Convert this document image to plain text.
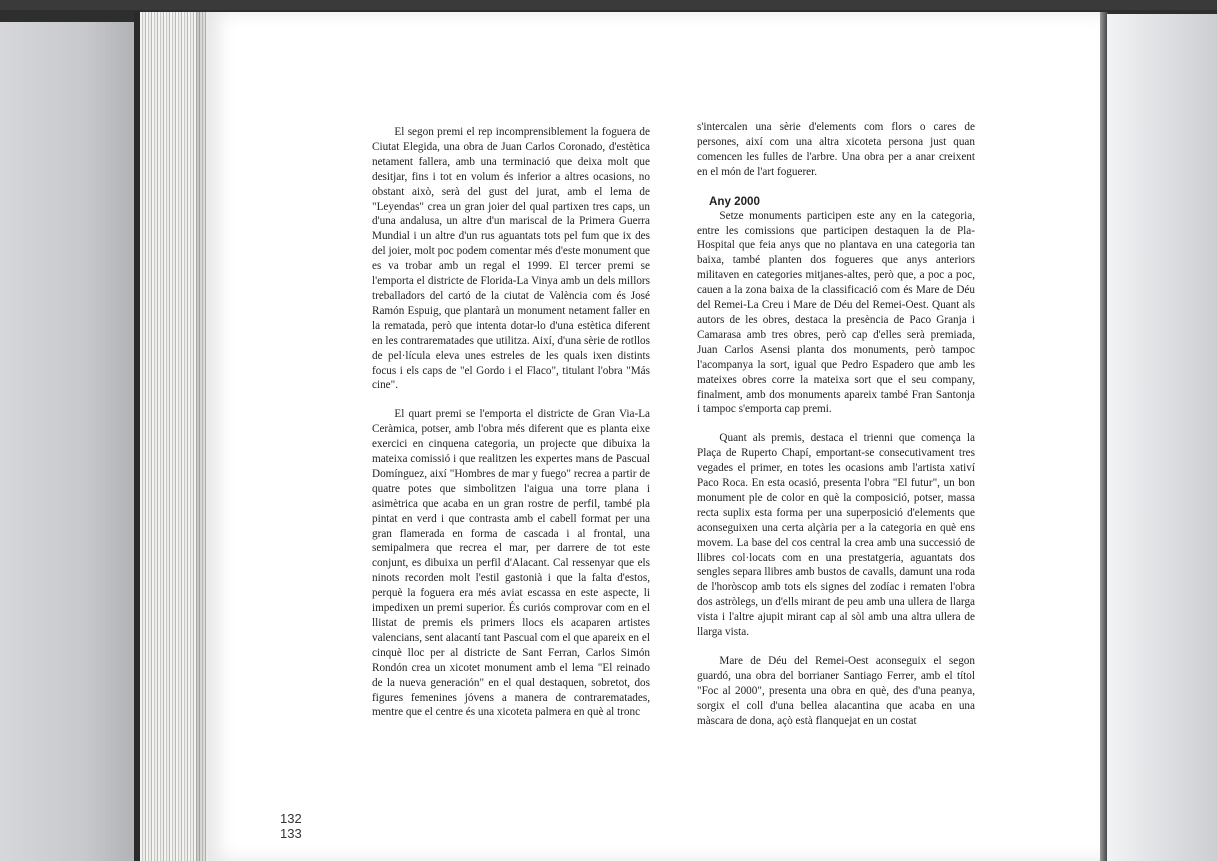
El segon premi el rep incomprensiblement la foguera de Ciutat Elegida, una obra de Juan Carlos Coronado, d'estètica netament fallera, amb una terminació que deixa molt que desitjar, fins i tot en volum és inferior a altres ocasions, no obstant això, serà del gust del jurat, amb el lema de "Leyendas" crea un gran joier del qual partixen tres caps, un d'una andalusa, un altre d'un mariscal de la Primera Guerra Mundial i un altre d'un rus aguantats tots pel fum que ix des del joier, molt poc podem comentar més d'este monument que es va trobar amb un regal el 1999. El tercer premi se l'emporta el districte de Florida-La Vinya amb un dels millors treballadors del cartó de la ciutat de València com és José Ramón Espuig, que plantarà un monument netament faller en la rematada, però que intenta dotar-lo d'una estètica diferent en les contrarematades que utilitza. Així, d'una sèrie de rotllos de pel·lícula eleva unes estreles de les quals ixen distints focus i els caps de "el Gordo i el Flaco", titulant l'obra "Más cine".

El quart premi se l'emporta el districte de Gran Via-La Ceràmica, potser, amb l'obra més diferent que es planta eixe exercici en cinquena categoria, un projecte que dibuixa la mateixa comissió i que realitzen les expertes mans de Pascual Domínguez, així "Hombres de mar y fuego" recrea a partir de quatre potes que simbolitzen l'aigua una torre plana i asimètrica que acaba en un gran rostre de perfil, també pla pintat en verd i que contrasta amb el cabell format per una gran flamerada en forma de cascada i al frontal, una semipalmera que recrea el mar, per darrere de tot este conjunt, es dibuixa un perfil d'Alacant. Cal ressenyar que els ninots recorden molt l'estil gastonià i que la falta d'estos, perquè la foguera era més aviat escassa en este aspecte, li impedixen un premi superior. És curiós comprovar com en el llistat de premis els primers llocs els acaparen artistes valencians, sent alacantí tant Pascual com el que apareix en el cinquè lloc per al districte de Sant Ferran, Carlos Simón Rondón crea un xicotet monument amb el lema "El reinado de la nueva generación" en el qual destaquen, sobretot, dos figures femenines jóvens a manera de contrarematades, mentre que el centre és una xicoteta palmera en què al tronc

s'intercalen una sèrie d'elements com flors o cares de persones, així com una altra xicoteta persona just quan comencen les fulles de l'arbre. Una obra per a anar creixent en el món de l'art foguerer.

Any 2000

Setze monuments participen este any en la categoria, entre les comissions que participen destaquen la de Pla-Hospital que feia anys que no plantava en una categoria tan baixa, també planten dos fogueres que anys anteriors militaven en categories mitjanes-altes, però que, a poc a poc, cauen a la zona baixa de la classificació com és Mare de Déu del Remei-La Creu i Mare de Déu del Remei-Oest. Quant als autors de les obres, destaca la presència de Paco Granja i Camarasa amb tres obres, però cap d'elles serà premiada, Juan Carlos Asensi planta dos monuments, però tampoc l'acompanya la sort, igual que Pedro Espadero que amb les mateixes obres corre la mateixa sort que el seu company, finalment, amb dos monuments apareix també Fran Santonja i tampoc s'emporta cap premi.

Quant als premis, destaca el trienni que comença la Plaça de Ruperto Chapí, emportant-se consecutivament tres vegades el primer, en totes les ocasions amb l'artista xativí Paco Roca. En esta ocasió, presenta l'obra "El futur", un bon monument ple de color en què la composició, potser, massa recta suplix esta forma per una superposició d'elements que aconseguixen una certa alçària per a la categoria en què ens movem. La base del cos central la crea amb una successió de llibres col·locats com en una prestatgeria, aguantats dos sengles separa llibres amb bustos de cavalls, damunt una roda de l'horòscop amb tots els signes del zodíac i rematen l'obra dos astròlegs, un d'ells mirant de peu amb una ullera de llarga vista i l'altre ajupit mirant cap al sòl amb una altra ullera de llarga vista.

Mare de Déu del Remei-Oest aconseguix el segon guardó, una obra del borrianer Santiago Ferrer, amb el títol "Foc al 2000", presenta una obra en què, des d'una peanya, sorgix el coll d'una bellea alacantina que acaba en una màscara de dona, açò està flanquejat en un costat

132
133
